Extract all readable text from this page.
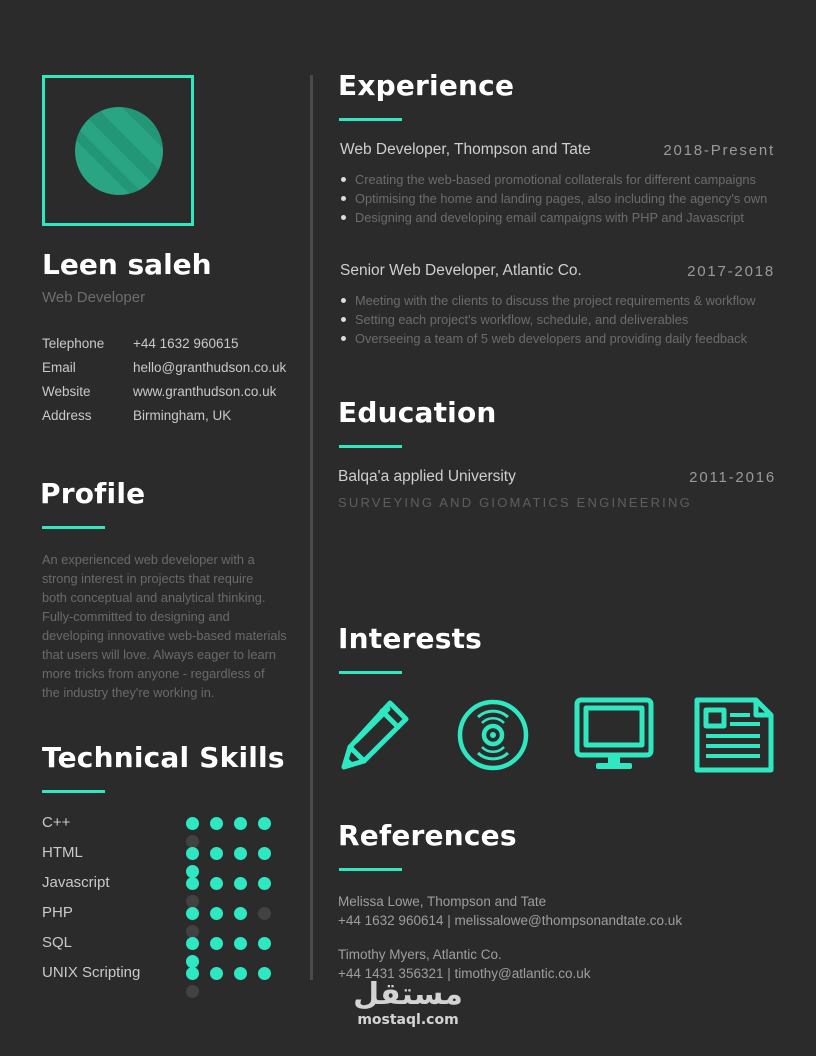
Leen saleh
Web Developer
Telephone +44 1632 960615
Email	hello@granthudson.co.uk
Website	www.granthudson.co.uk
Address	Birmingham, UK
Profile
An experienced web developer with a
strong interest in projects that require
both conceptual and analytical thinking.
Fully-committed to designing and
developing innovative web-based materials
that users will love. Always eager to learn
more tricks from anyone - regardless of
the industry they're working in.
Technical Skills
C++
HTML
Javascript
PHP
SQL
UNIX Scripting
Experience
Web Developer, Thompson and Tate	2018-Present
Creating the web-based promotional collaterals for different campaigns
Optimising the home and landing pages, also including the agency's own
Designing and developing email campaigns with PHP and Javascript
Senior Web Developer, Atlantic Co.	2017-2018
Meeting with the clients to discuss the project requirements & workflow
Setting each project's workflow, schedule, and deliverables
Overseeing a team of 5 web developers and providing daily feedback
Education
Balqa'a applied University	2011-2016
SURVEYING AND GIOMATICS ENGINEERING
Interests
References
Melissa Lowe, Thompson and Tate
+44 1632 960614 | melissalowe@thompsonandtate.co.uk
Timothy Myers, Atlantic Co.
+44 1431 356321 | timothy@atlantic.co.uk
مستقل
mostaql.com
